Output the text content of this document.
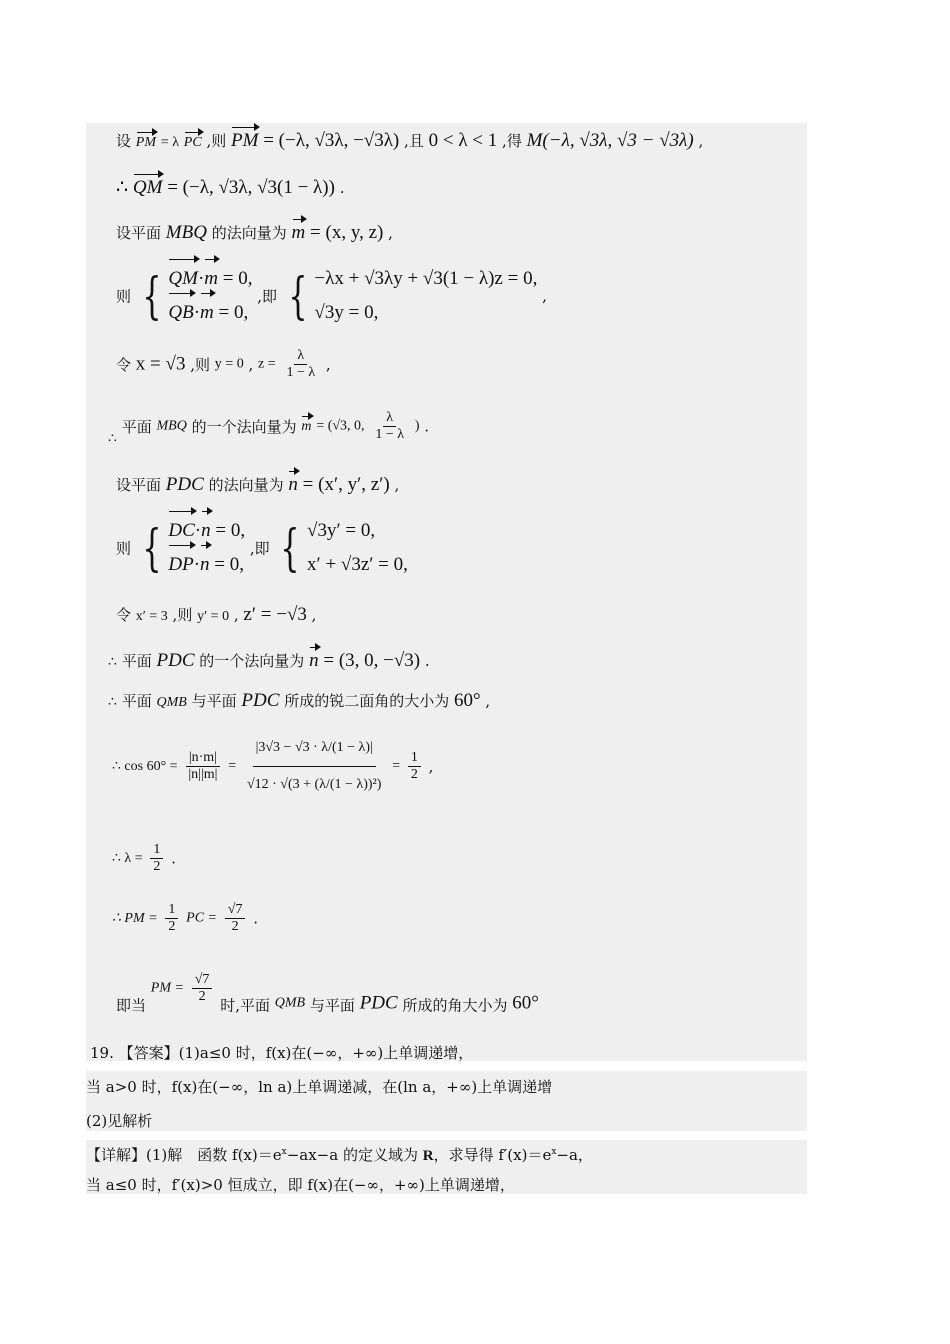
设 PM = λ PC ,则 PM = (−λ, √3λ, −√3λ) ,且 0 < λ < 1 ,得 M(−λ, √3λ, √3 − √3λ) ,
∴ QM = (−λ, √3λ, √3(1 − λ)) .
设平面 MBQ 的法向量为 m = (x, y, z) ,
则 { QM·m = 0,
QB·m = 0,
,即 { −λx + √3λy + √3(1 − λ)z = 0,
√3y = 0,
,
令 x = √3 ,则 y = 0 , $z = \frac{\lambda}{1 - \lambda}$ ,
∴ 平面 MBQ 的一个法向量为 m = (√3, 0, $\frac{\lambda}{1 - \lambda}$ ) .
设平面 PDC 的法向量为 n = (x′, y′, z′) ,
则 { DC·n = 0,
DP·n = 0,
,即 { √3y′ = 0,
x′ + √3z′ = 0,
令 x′ = 3 ,则 y′ = 0 , z′ = −√3 ,
∴ 平面 PDC 的一个法向量为 n = (3, 0, −√3) .
∴ 平面 QMB 与平面 PDC 所成的锐二面角的大小为 60° ,
∴ $\cos 60^\circ = \frac{|n\cdot m|}{|n||m|} = \frac{|3√3 - √3 \cdot \lambda/(1 - \lambda)|}{\text{√12 · √(3 + (λ/(1 − λ))²)}} = \frac{1}{2}$ ,
∴ $\lambda = \frac{1}{2}$ .
∴ PM = $\frac{1}{2}$ PC = $\frac{√7}{2}$ .
即当 PM = $\frac{√7}{2}$
时,平面 QMB 与平面 PDC 所成的角大小为 60°
19. 【答案】(1)a≤0 时，f(x)在(−∞，+∞)上单调递增，
当 a>0 时，f(x)在(−∞，ln a)上单调递减，在(ln a，+∞)上单调递增
(2)见解析
【详解】(1)解　函数 $f(x)=e^x-ax-a$ 的定义域为 R，求导得 $f'(x)=e^x-a$，
当 a≤0 时，f′(x)>0 恒成立，即 f(x)在(−∞，+∞)上单调递增，
